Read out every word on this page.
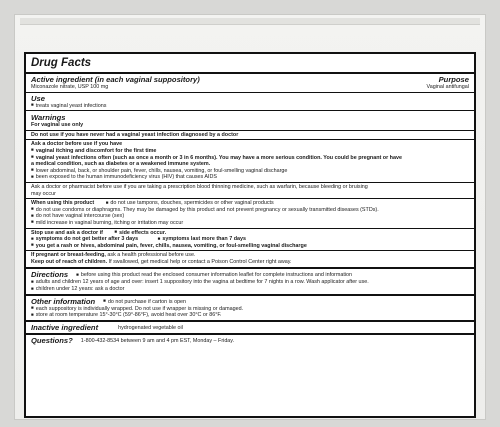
Drug Facts
Active ingredient (in each vaginal suppository)	Purpose
Miconazole nitrate, USP 100 mg	Vaginal antifungal
Use
■ treats vaginal yeast infections
Warnings
For vaginal use only
Do not use if you have never had a vaginal yeast infection diagnosed by a doctor
Ask a doctor before use if you have
■ vaginal itching and discomfort for the first time
■ vaginal yeast infections often (such as once a month or 3 in 6 months). You may have a more serious condition. You could be pregnant or have
a medical condition, such as diabetes or a weakened immune system.
■ lower abdominal, back, or shoulder pain, fever, chills, nausea, vomiting, or foul-smelling vaginal discharge
■ been exposed to the human immunodeficiency virus (HIV) that causes AIDS
Ask a doctor or pharmacist before use if you are taking a prescription blood thinning medicine, such as warfarin, because bleeding or bruising
may occur
When using this product	■ do not use tampons, douches, spermicides or other vaginal products
■ do not use condoms or diaphragms. They may be damaged by this product and not prevent pregnancy or sexually transmitted diseases (STDs).
■ do not have vaginal intercourse (sex)
■ mild increase in vaginal burning, itching or irritation may occur
Stop use and ask a doctor if	■ side effects occur.
■ symptoms do not get better after 3 days	■ symptoms last more than 7 days
■ you get a rash or hives, abdominal pain, fever, chills, nausea, vomiting, or foul-smelling vaginal discharge
If pregnant or breast-feeding, ask a health professional before use.
Keep out of reach of children. If swallowed, get medical help or contact a Poison Control Center right away.
Directions	■ before using this product read the enclosed consumer information leaflet for complete instructions and information
■ adults and children 12 years of age and over: insert 1 suppository into the vagina at bedtime for 7 nights in a row. Wash applicator after use.
■ children under 12 years: ask a doctor
Other information	■ do not purchase if carton is open
■ each suppository is individually wrapped. Do not use if wrapper is missing or damaged.
■ store at room temperature 15°-30°C (59°-86°F), avoid heat over 30°C or 86°F.
Inactive ingredient	hydrogenated vegetable oil
Questions? 1-800-432-8534 between 9 am and 4 pm EST, Monday – Friday.
